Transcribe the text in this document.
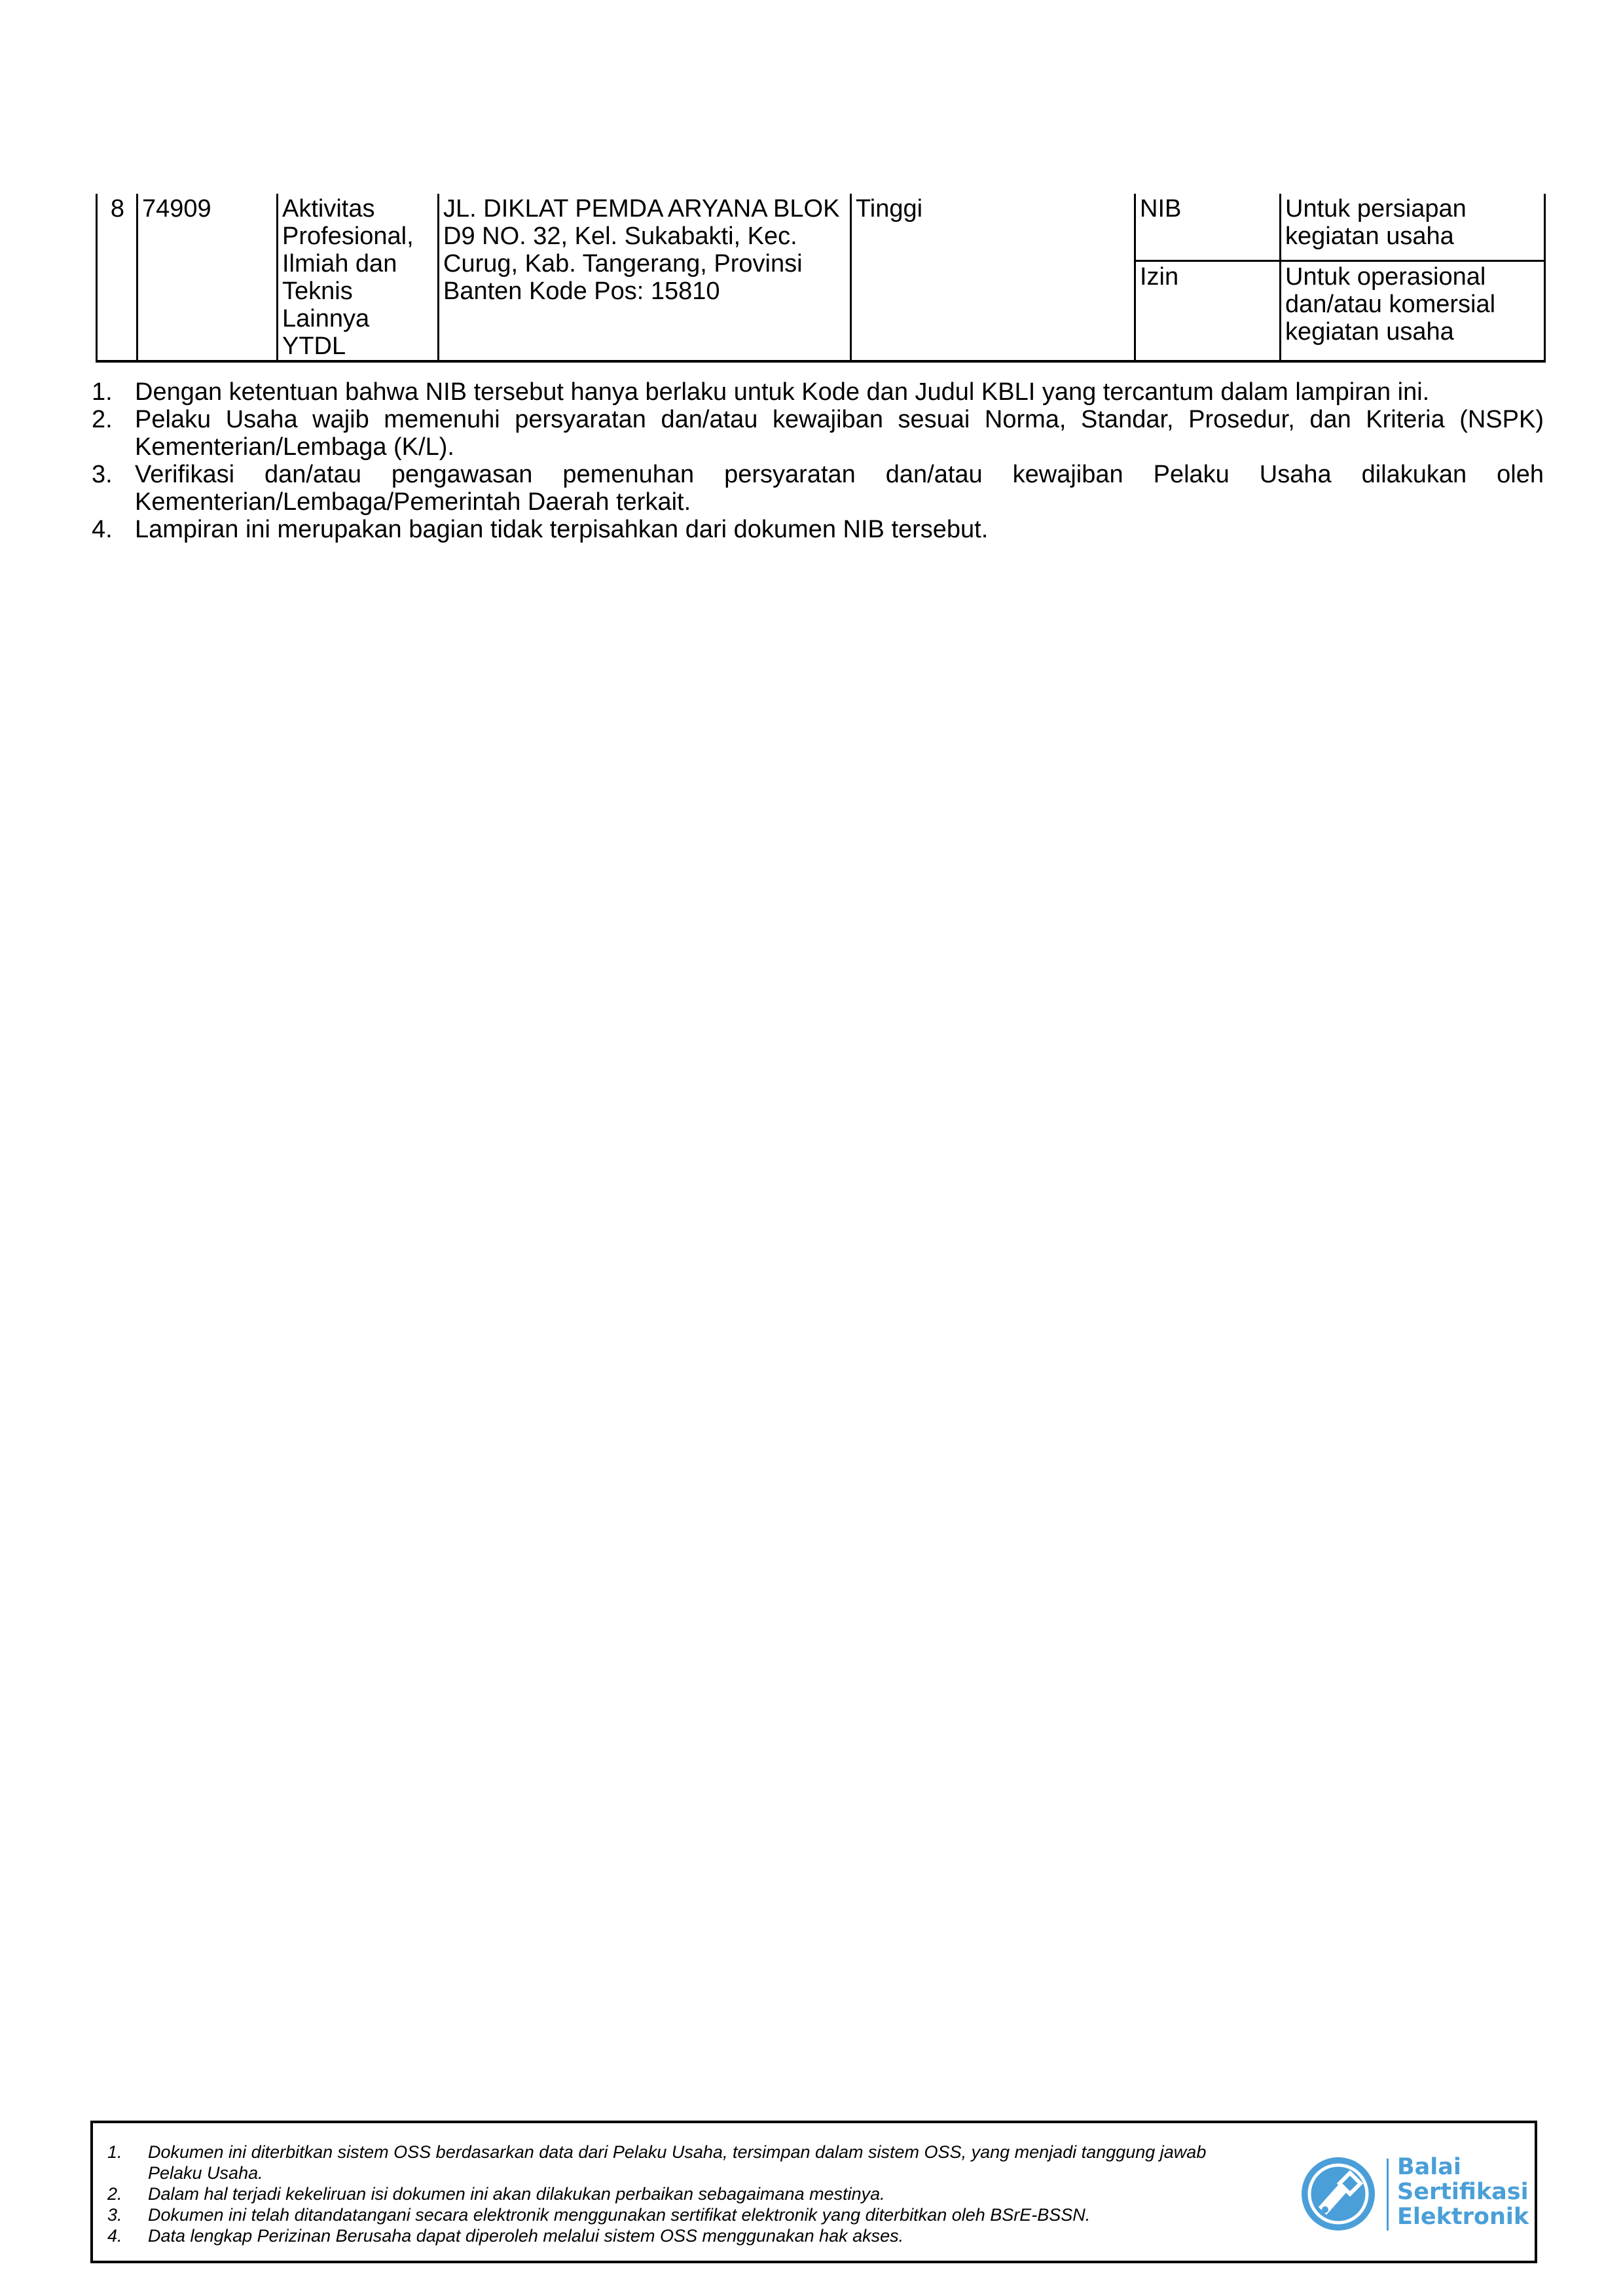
8	74909	Aktivitas Profesional, Ilmiah dan Teknis Lainnya YTDL	JL. DIKLAT PEMDA ARYANA BLOK D9 NO. 32, Kel. Sukabakti, Kec. Curug, Kab. Tangerang, Provinsi Banten Kode Pos: 15810	Tinggi	NIB	Untuk persiapan kegiatan usaha
					Izin	Untuk operasional dan/atau komersial kegiatan usaha
1. Dengan ketentuan bahwa NIB tersebut hanya berlaku untuk Kode dan Judul KBLI yang tercantum dalam lampiran ini.
2. Pelaku Usaha wajib memenuhi persyaratan dan/atau kewajiban sesuai Norma, Standar, Prosedur, dan Kriteria (NSPK)
Kementerian/Lembaga (K/L).
3. Verifikasi dan/atau pengawasan pemenuhan persyaratan dan/atau kewajiban Pelaku Usaha dilakukan oleh
Kementerian/Lembaga/Pemerintah Daerah terkait.
4. Lampiran ini merupakan bagian tidak terpisahkan dari dokumen NIB tersebut.
1.	Dokumen ini diterbitkan sistem OSS berdasarkan data dari Pelaku Usaha, tersimpan dalam sistem OSS, yang menjadi tanggung jawab
Pelaku Usaha.
2.	Dalam hal terjadi kekeliruan isi dokumen ini akan dilakukan perbaikan sebagaimana mestinya.
3.	Dokumen ini telah ditandatangani secara elektronik menggunakan sertifikat elektronik yang diterbitkan oleh BSrE-BSSN.
4.	Data lengkap Perizinan Berusaha dapat diperoleh melalui sistem OSS menggunakan hak akses.
Balai
Sertifikasi
Elektronik
